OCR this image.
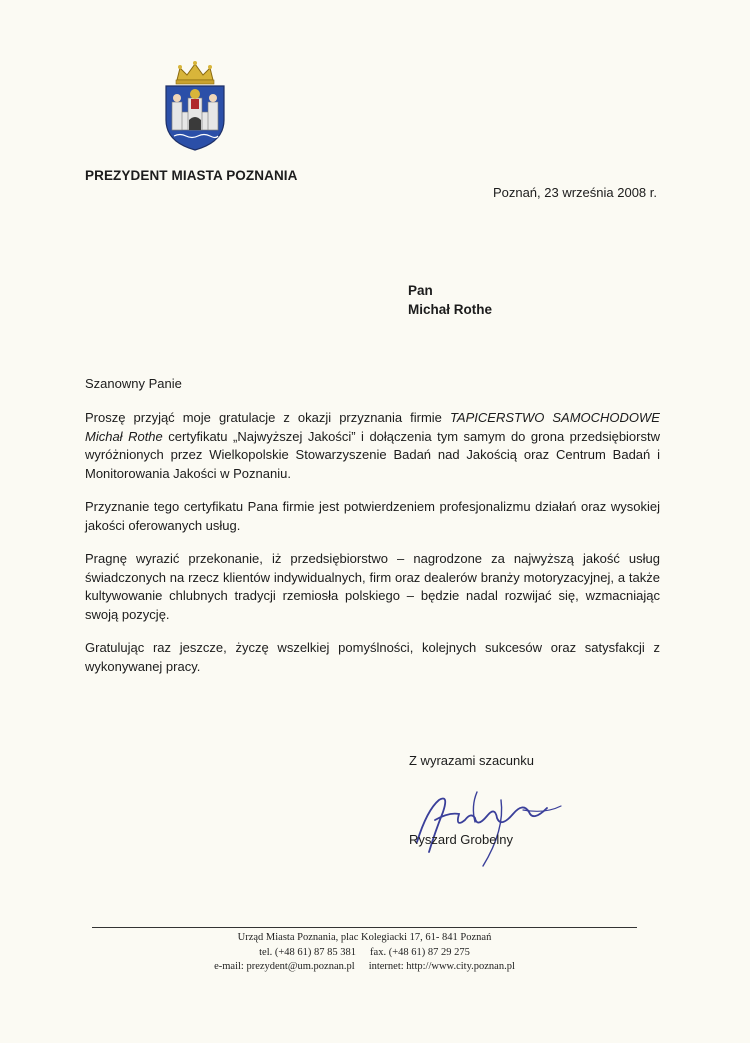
PREZYDENT MIASTA POZNANIA
Poznań, 23 września 2008 r.
Pan
Michał Rothe
Szanowny Panie

Proszę przyjąć moje gratulacje z okazji przyznania firmie TAPICERSTWO SAMOCHODOWE Michał Rothe certyfikatu „Najwyższej Jakości” i dołączenia tym samym do grona przedsiębiorstw wyróżnionych przez Wielkopolskie Stowarzyszenie Badań nad Jakością oraz Centrum Badań i Monitorowania Jakości w Poznaniu.

Przyznanie tego certyfikatu Pana firmie jest potwierdzeniem profesjonalizmu działań oraz wysokiej jakości oferowanych usług.

Pragnę wyrazić przekonanie, iż przedsiębiorstwo – nagrodzone za najwyższą jakość usług świadczonych na rzecz klientów indywidualnych, firm oraz dealerów branży motoryzacyjnej, a także kultywowanie chlubnych tradycji rzemiosła polskiego – będzie nadal rozwijać się, wzmacniając swoją pozycję.

Gratulując raz jeszcze, życzę wszelkiej pomyślności, kolejnych sukcesów oraz satysfakcji z wykonywanej pracy.

Z wyrazami szacunku
Ryszard Grobelny
Urząd Miasta Poznania, plac Kolegiacki 17, 61- 841 Poznań
tel. (+48 61) 87 85 381 fax. (+48 61) 87 29 275
e-mail: prezydent@um.poznan.pl internet: http://www.city.poznan.pl
